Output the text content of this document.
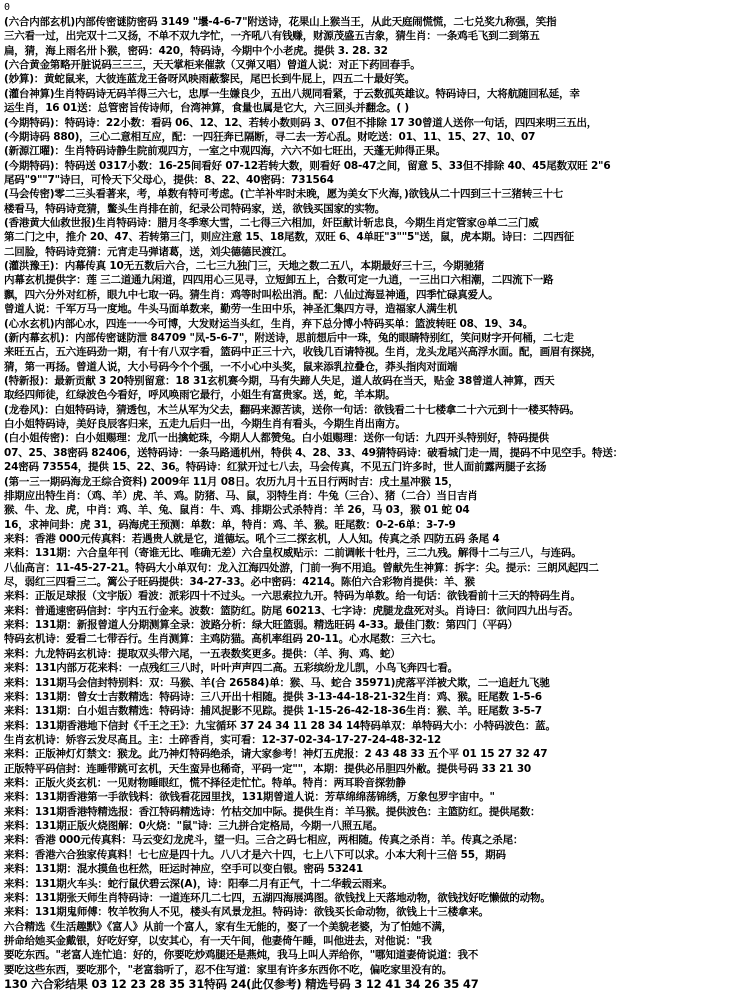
0
(六合内部玄机)内部传密谜防密码 3149 "壜-4-6-7"附送诗，花果山上猴当王，从此天庭闹慌慌，二七兑奖九称强，笑指
三六看一过，出完双十二又扬，不单不双九字忙，一齐吼八有钱赚，财源茂盛五吉象，猜生肖：一条鸡毛飞到二到第五
扁，猜，海上雨名卅卜猴，密码：420，特码诗，今期中个小老虎。提供 3. 28. 32
(六合黄金第略开脏说码三三三，天天掌柜来催款（又弹又唱）曾道人说：对正下药回春手。
(妙算)：黄蛇鼠来，大彼连蓝龙王备呀风映雨蔽黎民，尾巴长到牛屁上，四五二十最好笑。
(灌台神算)生肖特码诗无码羊得三六七，忠厚一生嫌良少，五出八规同看紧，于云数孤英雄议。特码诗曰，大将航随回私延，幸
运生肖，16 01送：总管密旨传诗师，台湾神算，食量也属是它大，六三回头并翻念。( )
(今期特码)：特码诗：22小数：看码 06、12、12、若转小数则码 3、07但不排除 17 30曾道人送你一句话，四四来明三五出，
(今期诗码 880)，三心二意相互应，配：一四狂奔已隔断，寻二去一芳心乱。财吃送：01、11、15、27、10、07
(新源江曜)：生肖特码诗静生院前观四方，一室之中观四海，六六不如七旺出，天蓬无帅得正果。
(今期特码)：特码送 0317小数：16-25间看好 07-12若转大数，则看好 08-47之间，留意 5、33但不排除 40、45尾数双旺 2"6
尾码"9""7"诗曰，可怜天下父母心，提供：8、22、40密码：731564
(马会传密)零二三头看著来，考，单数有特可考虑。(亡羊补牢时未晚，愿为美女下火海，)欲钱从二十四到三十三猪转三十七
楼看马，特码诗竞猜，鳖头生肖排在前，纪录公司特码家，送，欲钱买国家的实物。
(香港黄大仙救世报)生肖特码诗：腊月冬季寒大雪，二七得三六相加，奸臣献计斩忠良，今期生肖定管家@单二三门威
第二门之中，推介 20、47、若转第三门，则应注意 15、18尾数，双旺 6、4单旺"3""5"送，鼠，虎本期。诗曰：二四西征
二回脸，特码诗竞猜：元宵走马弹诸葛，送，刘尖德德民渡江。
(灌洪豫王)：内幕传真 10无五数后六合，二七三九独门三，天地之数二五八，本期最好三十三，今期驰猪
内幕玄机提供字：莲 三二道通九闲道，四四用心三见寻，立短卸五上，合数可定一九逍，一三出口六相潮，二四流下一路
飘，四六分外对红桥，眼九中七取一码。猜生肖：鸡等时叫松出消。配：八仙过海显神通，四季忙碌真爱人。
曾道人说：千军万马一度地。牛头马面单数来，勤劳一生田中乐，神圣汇集四方寻，造福家人满生机
(心水玄机)内部心水，四连一一今可博，大发财运当头红，生肖，弃下总分博小特码买单：篮波转旺 08、19、34。
(新内幕玄机)：内部传密谜防泄 84709 "凤-5-6-7"，附送诗，思前想后中一珠，兔的眼睛特别红，笑问财字开何桶，二七走
来旺五占，五六连码劲一期，有十有八双字看，篮码中正三十六，收钱几百请特视。生肖，龙头龙尾兴高浮水面。配，画眉有探挠，
猜，第一再扬。曾道人说，大小号码今个个强，一不小心中头奖，鼠来添乳拉叠仓，莽头指肉对面端
(特新报)：最新贡献 3 20特别留意：18 31玄机赛今期，马有失蹄人失足，道人故码在当天，贴金 38曾道人神算，西天
取经四师徒，红绿波色今看好，呼风唤雨它最行，小姐生有富贵家。送，蛇，羊本期。
(龙卷风)：白姐特码诗，猜透包，木兰从军为父去，翻码来源苦读，送你一句话：欲钱看二十七楼拿二十六元到十一楼买特码。
白小姐特码诗，美好良辰客归来，五走九后归一出，今期生肖有看头，今期生肖出南方。
(白小姐传密)：白小姐赐理：龙爪一出擒蛇珠，今期人人都赞兔。白小姐赐理：送你一句话：九四开头特别好，特码提供
07、25、38密码 82406，送特码诗：一条马路通机州，特供 4、28、33、49猜特码诗：破看城门走一周，提码不中见空手。特送：
24密码 73554，提供 15、22、36。特码诗：红狱开过七八去，马会传真，不见五门许多时，世人面前露两腿子玄扬
(第一三一期码海龙王综合资料) 2009年 11月 08日。农历九月十五日行两时吉：戌土星冲猴 15，
排期应出特生肖：（鸡、羊）虎、羊、鸡。防猪、马、鼠，羽特生肖：牛兔（三合）、猪（二合）当日吉肖
猴、牛、龙、虎，中肖：鸡、羊、兔、鼠肖：牛、鸡、排期公式杀特肖：羊 26，马 03，猴 01 蛇 04
16，求神问卦：虎 31，码海虎王预测：单数：单，特肖：鸡、羊、猴。旺尾数：0-2-6单：3-7-9
来料：香港 000元传真料：若遇贵人就是它，道德坛。吼个三二探玄机，人人知。传真之杀 四防五码 条尾 4
来料：131期：六合皇年刊（寄谁无比、唯确无差）六合皇权威贴示：二前调帐十牡丹，三二九残。解得十二与三八，与连码。
八仙高言：11-45-27-21。特码大小单双句：龙入江海四处游，门前一狗不用追。曾献先生神算：拆字：尖。提示：三朗风起四二
尽，弱红三四看三二。篱公子旺码提供：34-27-33。必中密码：4214。陈伯六合彩物肖提供：羊、猴
来料：正版足球报（文宇版）看波：派彩四十不过头。一六思索拉九开。特码为单数。给一句话：欲钱看前十三天的特码生肖。
来料：普通速密码信封：宇内五行金来。波数：篮防红。防尾 60213、七字诗：虎腿龙盘死对头。肖诗曰：欲问四九出与否。
来料：131期：新报曾道人分期测算全录：波路分析：绿大旺篮弱。精选旺码 4-33。最佳门数：第四门（平码）
特码玄机诗：爱看二七带吞行。生肖测算：主鸡防猫。高机率组码 20-11。心水尾数：三六七。
来料：九龙特码玄机诗：提取双头带六尾，一五表数奖更多。提供：（羊、狗、鸡、蛇）
来料：131内部万花来料：一点残红三八时，叶叶声声四二高。五彩缤纷龙儿凯，小鸟飞奔四七看。
来料：131期马会信封特别料：双：马猴、羊(合 26584)单：猴、马、蛇合 35971)虎落平洋被犬欺，二一追赶九飞驰
来料：131期：曾女士吉数精选：特码诗：三八开出十相随。提供 3-13-44-18-21-32生肖：鸡、猴。旺尾数 1-5-6
来料：131期：白小姐吉数精选：特码诗：捕风捉影不见踪。提供 1-15-26-42-18-36生肖：猴、羊。旺尾数 3-5-7
来料：131期香港地下信封《千王之王》：九宝循环 37 24 34 11 28 34 14特码单双：单特码大小：小特码波色：蓝。
生肖玄机诗：娇容云发尽高且。主：土碎香肖，实可看：12-37-02-34-17-27-24-48-32-12
来料：正版神灯灯禁文：猴龙。此乃神灯特码绝杀，请大家参考！神灯五虎报：2 43 48 33 五个平 01 15 27 32 47
正版特平码信封：连睡带跳可玄机，天生蛮异也稀奇，平码一定""，本期：提供必吊胆四外敝。提供号码 33 21 30
来料：正版火炎玄机：一见财物睡眼红，慌不择径走忙忙。特单。特肖：两耳聆音探勃静
来料：131期香港第一手欲钱料：欲钱看花园里找，131期曾道人说：芳草绵绵荡锦绣，万象包罗宇宙中。"
来料：131期香港特精选报：香江特码精选诗：竹枯交加中际。提供生肖：羊马猴。提供波色：主篮防红。提供尾数：
来料：131期正版火烧图解：0火烧："鼠"诗：三九拼合定格局，今期一八照五尾。
来料：香港 000元传真料：马云变幻龙虎斗，望一归。三合之码七相应，两相随。传真之杀肖：羊。传真之杀尾：
来料：香港六合独家传真料！七七应是四十九。八八才是六十四，七上八下可以求。小本大利十三倍 55，期码
来料：131期：混水摸鱼也枉然，旺运时神应，空手可以变白银。密码 53241
来料：131期火车头：蛇行鼠伏碧云深(A)，诗：阳奉二月有正气，十二华载云雨来。
来料：131期张天师生肖特码诗：一道连环几二七四，五湖四海展鸿图。欲钱找上天落地动物，欲钱找好吃懒做的动物。
来料：131期鬼师傅：牧羊牧狗人不见，楼头有风景龙担。特码诗：欲钱买长命动物，欲钱上十三楼拿来。
六合精选《生活趣默》《富人》从前一个富人，家有生无能的，娶了一个美貌老婆，为了怕她不满，
拼命给她买金戴银，好吃好穿，以安其心，有一天午间，他妻倚午睡，叫他进去，对他说："我
要吃东西。"老富人连忙追：好的，你要吃炒鸡腿还是燕炖，我马上叫人弄给你，"哪知道妻倚说道：我不
要吃这些东西，要吃那个，"老富翁听了，忍不住写道：家里有许多东西你不吃，偏吃家里没有的。
130 六合彩结果 03 12 23 28 35 31特码 24(此仅参考) 精选号码 3 12 41 34 26 35 47
